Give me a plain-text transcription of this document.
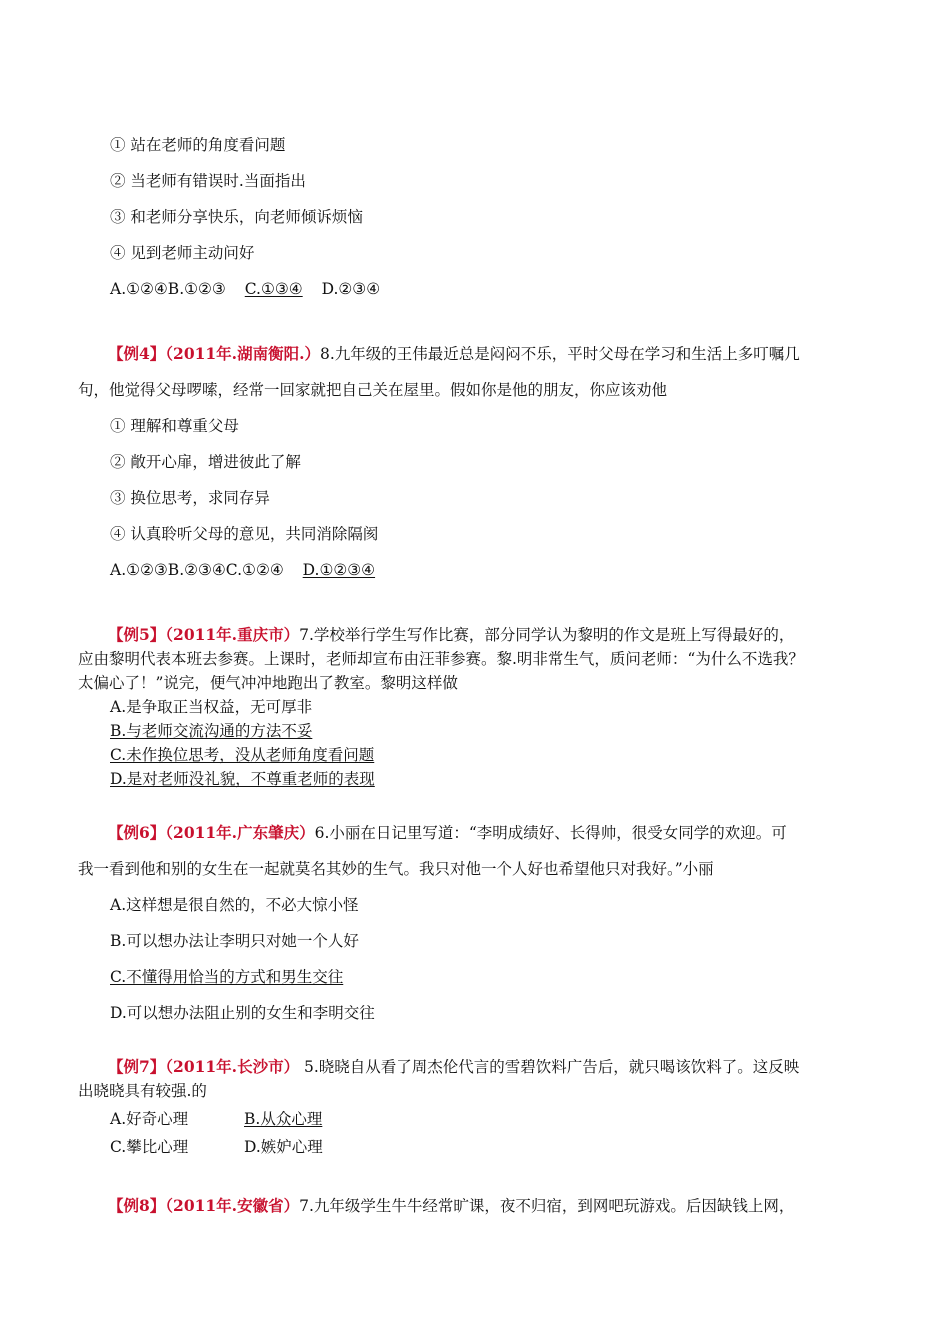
① 站在老师的角度看问题
② 当老师有错误时.当面指出
③ 和老师分享快乐，向老师倾诉烦恼
④ 见到老师主动问好
A.①②④B.①②③ C.①③④ D.②③④
【例4】（2011年.湖南衡阳.）8.九年级的王伟最近总是闷闷不乐，平时父母在学习和生活上多叮嘱几
句，他觉得父母啰嗦，经常一回家就把自己关在屋里。假如你是他的朋友，你应该劝他
① 理解和尊重父母
② 敞开心扉，增进彼此了解
③ 换位思考，求同存异
④ 认真聆听父母的意见，共同消除隔阂
A.①②③B.②③④C.①②④ D.①②③④
【例5】（2011年.重庆市）7.学校举行学生写作比赛，部分同学认为黎明的作文是班上写得最好的，
应由黎明代表本班去参赛。上课时，老师却宣布由汪菲参赛。黎.明非常生气，质问老师：“为什么不选我？
太偏心了！”说完，便气冲冲地跑出了教室。黎明这样做
A.是争取正当权益，无可厚非
B.与老师交流沟通的方法不妥
C.未作换位思考，没从老师角度看问题
D.是对老师没礼貌，不尊重老师的表现
【例6】（2011年.广东肇庆）6.小丽在日记里写道：“李明成绩好、长得帅，很受女同学的欢迎。可
我一看到他和别的女生在一起就莫名其妙的生气。我只对他一个人好也希望他只对我好。”小丽
A.这样想是很自然的，不必大惊小怪
B.可以想办法让李明只对她一个人好
C.不懂得用恰当的方式和男生交往
D.可以想办法阻止别的女生和李明交往
【例7】（2011年.长沙市） 5.晓晓自从看了周杰伦代言的雪碧饮料广告后，就只喝该饮料了。这反映
出晓晓具有较强.的
A.好奇心理	B.从众心理
C.攀比心理	D.嫉妒心理
【例8】（2011年.安徽省）7.九年级学生牛牛经常旷课，夜不归宿，到网吧玩游戏。后因缺钱上网，
